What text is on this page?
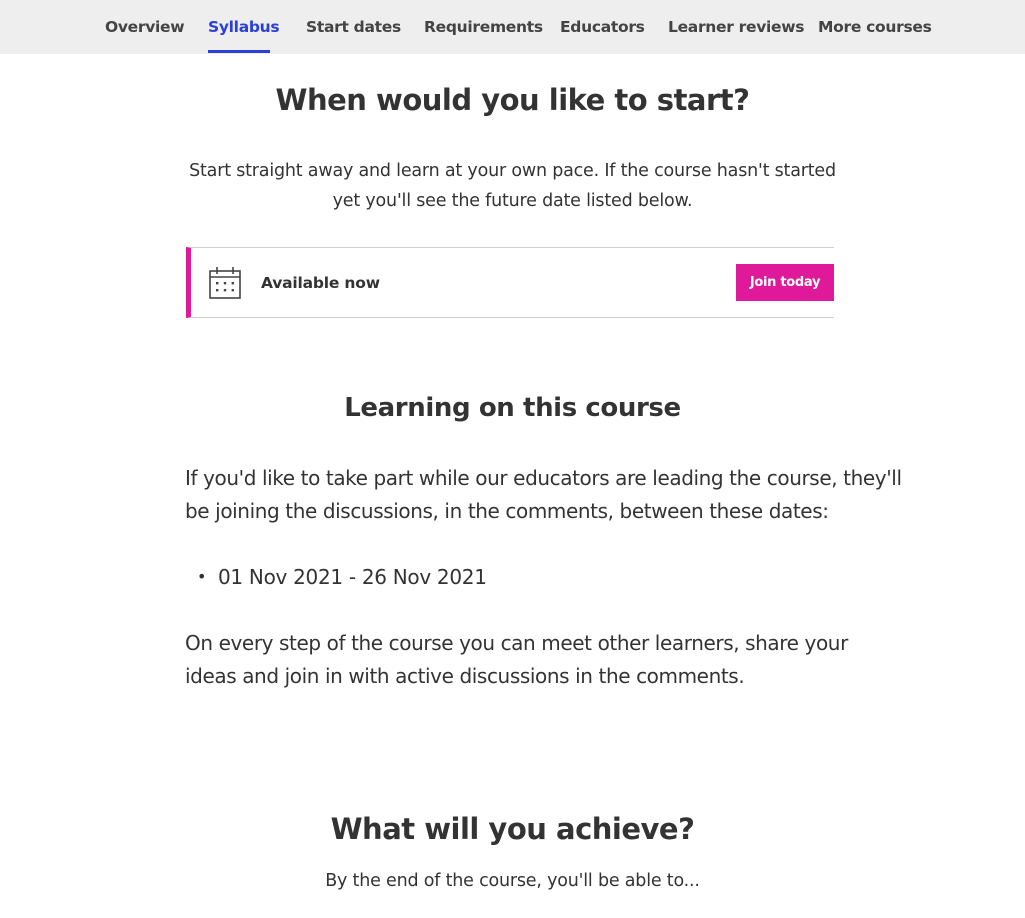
Overview Syllabus Start dates Requirements Educators Learner reviews More courses
When would you like to start?

Start straight away and learn at your own pace. If the course hasn't started yet you'll see the future date listed below.

Available now	Join today
Learning on this course

If you'd like to take part while our educators are leading the course, they'll be joining the discussions, in the comments, between these dates:

• 01 Nov 2021 - 26 Nov 2021

On every step of the course you can meet other learners, share your ideas and join in with active discussions in the comments.

What will you achieve?

By the end of the course, you'll be able to...
